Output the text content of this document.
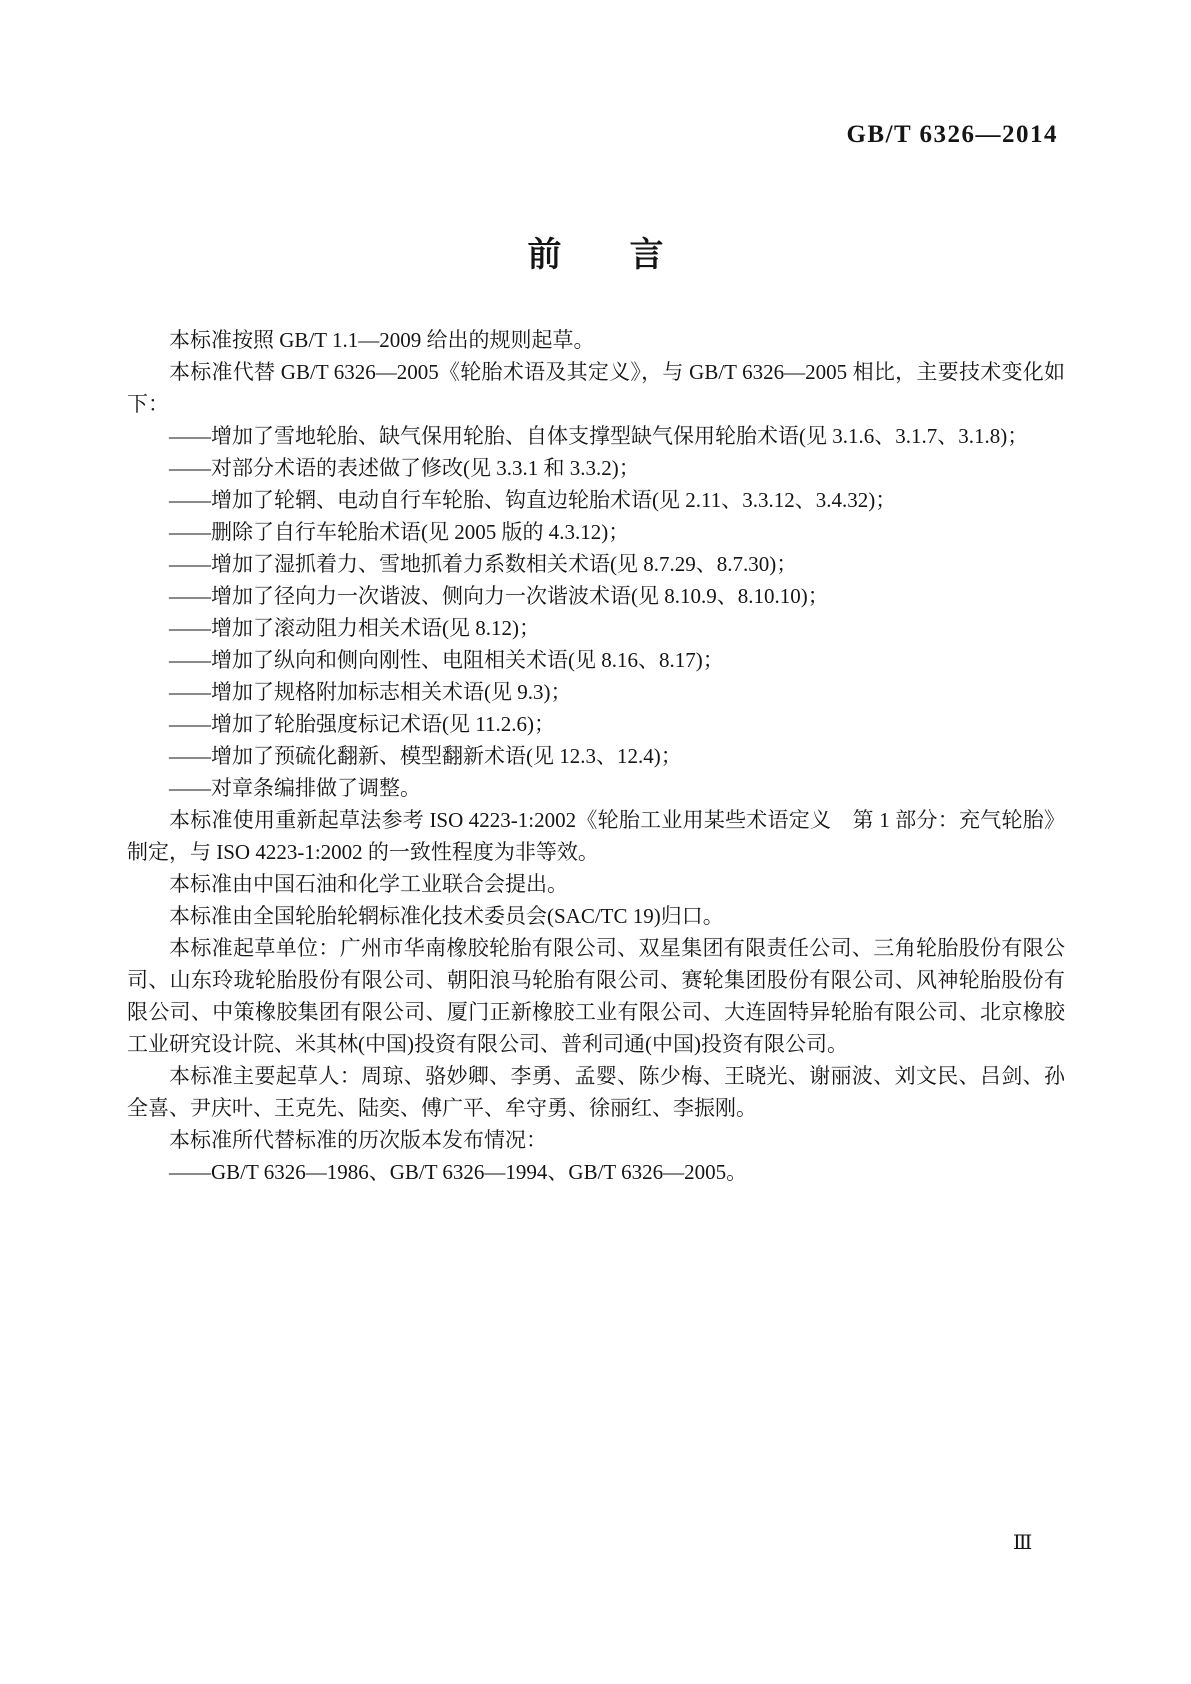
GB/T 6326—2014
前　　言

本标准按照 GB/T 1.1—2009 给出的规则起草。

本标准代替 GB/T 6326—2005《轮胎术语及其定义》，与 GB/T 6326—2005 相比，主要技术变化如下：

——增加了雪地轮胎、缺气保用轮胎、自体支撑型缺气保用轮胎术语(见 3.1.6、3.1.7、3.1.8)；

——对部分术语的表述做了修改(见 3.3.1 和 3.3.2)；

——增加了轮辋、电动自行车轮胎、钩直边轮胎术语(见 2.11、3.3.12、3.4.32)；

——删除了自行车轮胎术语(见 2005 版的 4.3.12)；

——增加了湿抓着力、雪地抓着力系数相关术语(见 8.7.29、8.7.30)；

——增加了径向力一次谐波、侧向力一次谐波术语(见 8.10.9、8.10.10)；

——增加了滚动阻力相关术语(见 8.12)；

——增加了纵向和侧向刚性、电阻相关术语(见 8.16、8.17)；

——增加了规格附加标志相关术语(见 9.3)；

——增加了轮胎强度标记术语(见 11.2.6)；

——增加了预硫化翻新、模型翻新术语(见 12.3、12.4)；

——对章条编排做了调整。

本标准使用重新起草法参考 ISO 4223-1:2002《轮胎工业用某些术语定义　第 1 部分：充气轮胎》制定，与 ISO 4223-1:2002 的一致性程度为非等效。

本标准由中国石油和化学工业联合会提出。

本标准由全国轮胎轮辋标准化技术委员会(SAC/TC 19)归口。

本标准起草单位：广州市华南橡胶轮胎有限公司、双星集团有限责任公司、三角轮胎股份有限公司、山东玲珑轮胎股份有限公司、朝阳浪马轮胎有限公司、赛轮集团股份有限公司、风神轮胎股份有限公司、中策橡胶集团有限公司、厦门正新橡胶工业有限公司、大连固特异轮胎有限公司、北京橡胶工业研究设计院、米其林(中国)投资有限公司、普利司通(中国)投资有限公司。

本标准主要起草人：周琼、骆妙卿、李勇、孟婴、陈少梅、王晓光、谢丽波、刘文民、吕剑、孙全喜、尹庆叶、王克先、陆奕、傅广平、牟守勇、徐丽红、李振刚。

本标准所代替标准的历次版本发布情况：

——GB/T 6326—1986、GB/T 6326—1994、GB/T 6326—2005。

Ⅲ
